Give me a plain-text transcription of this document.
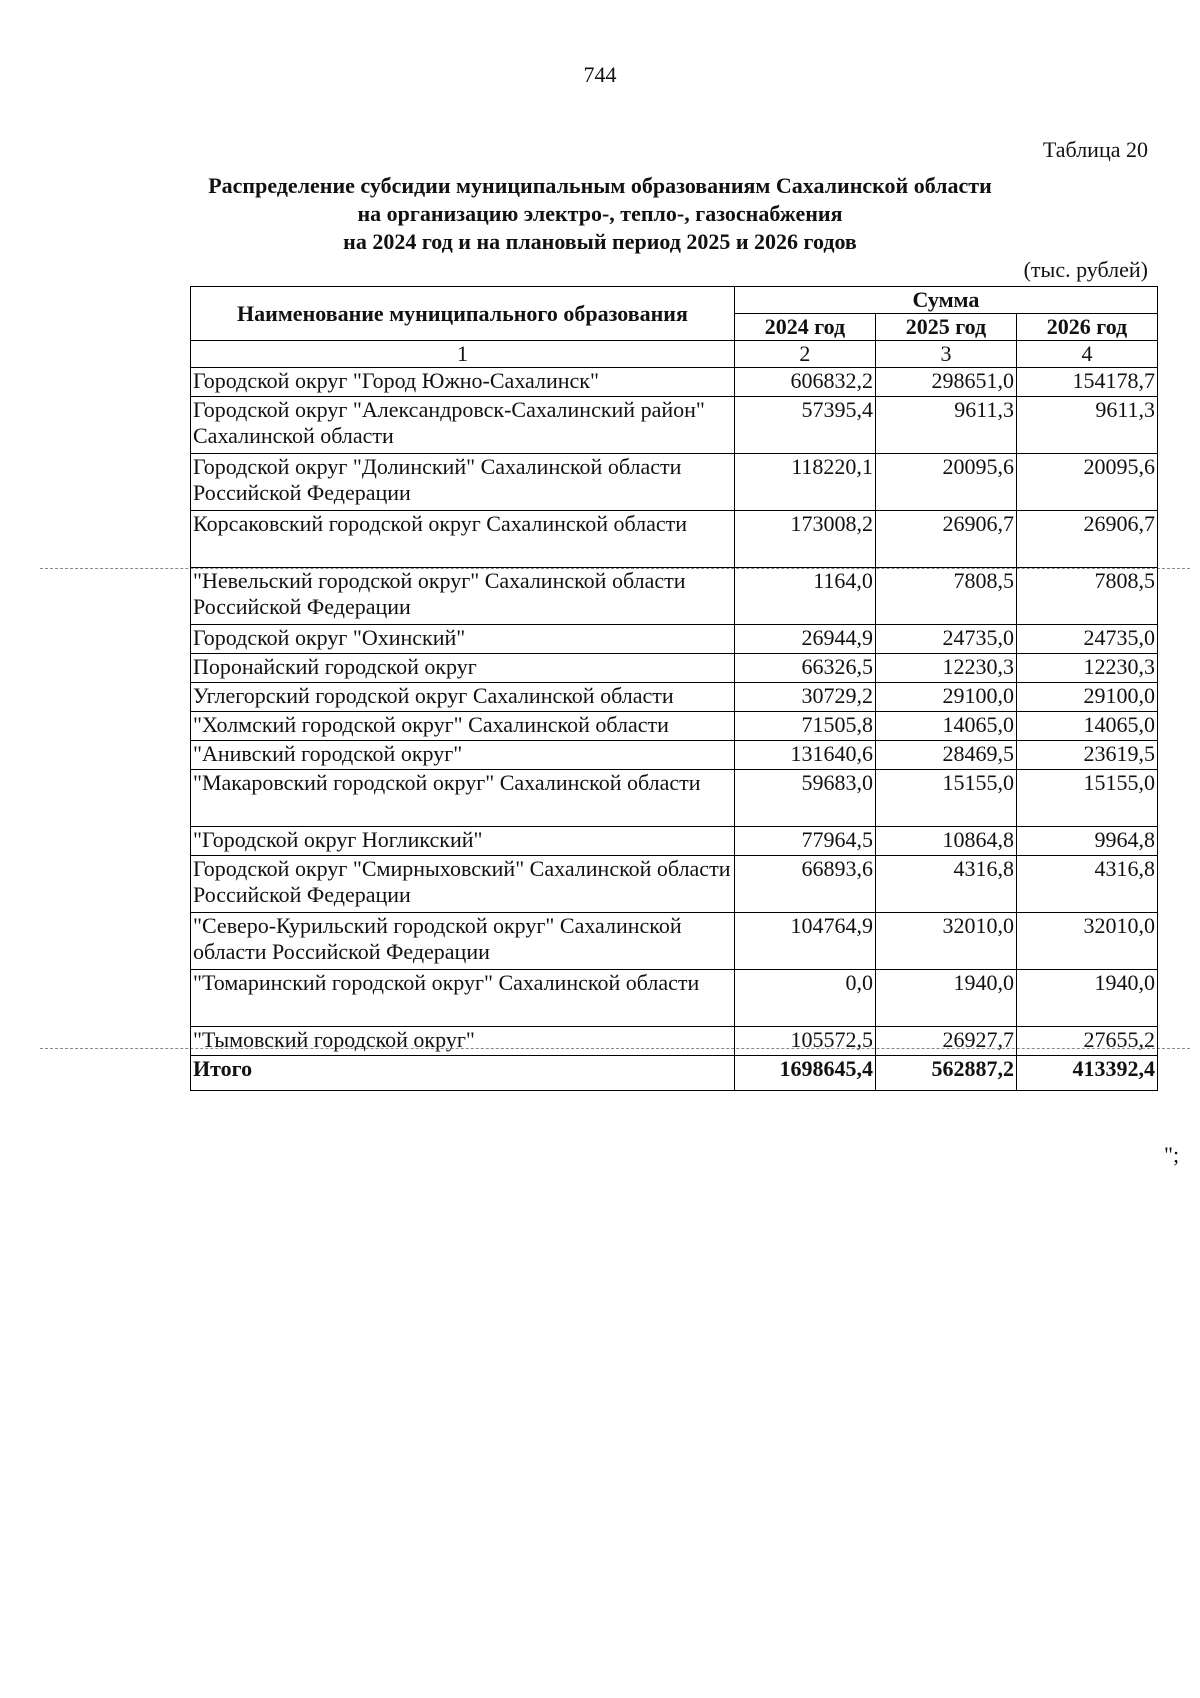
744
Таблица 20
Распределение субсидии муниципальным образованиям Сахалинской области
на организацию электро-, тепло-, газоснабжения
на 2024 год и на плановый период 2025 и 2026 годов
(тыс. рублей)
Наименование муниципального образования	Сумма		
	2024 год	2025 год	2026 год
1	2	3	4
Городской округ "Город Южно-Сахалинск"	606832,2	298651,0	154178,7
Городской округ "Александровск-Сахалинский район" Сахалинской области	57395,4	9611,3	9611,3
Городской округ "Долинский" Сахалинской области Российской Федерации	118220,1	20095,6	20095,6
Корсаковский городской округ Сахалинской области	173008,2	26906,7	26906,7
"Невельский городской округ" Сахалинской области Российской Федерации	1164,0	7808,5	7808,5
Городской округ "Охинский"	26944,9	24735,0	24735,0
Поронайский городской округ	66326,5	12230,3	12230,3
Углегорский городской округ Сахалинской области	30729,2	29100,0	29100,0
"Холмский городской округ" Сахалинской области	71505,8	14065,0	14065,0
"Анивский городской округ"	131640,6	28469,5	23619,5
"Макаровский городской округ" Сахалинской области	59683,0	15155,0	15155,0
"Городской округ Ногликский"	77964,5	10864,8	9964,8
Городской округ "Смирныховский" Сахалинской области Российской Федерации	66893,6	4316,8	4316,8
"Северо-Курильский городской округ" Сахалинской области Российской Федерации	104764,9	32010,0	32010,0
"Томаринский городской округ" Сахалинской области	0,0	1940,0	1940,0
"Тымовский городской округ"	105572,5	26927,7	27655,2
Итого	1698645,4	562887,2	413392,4
";
